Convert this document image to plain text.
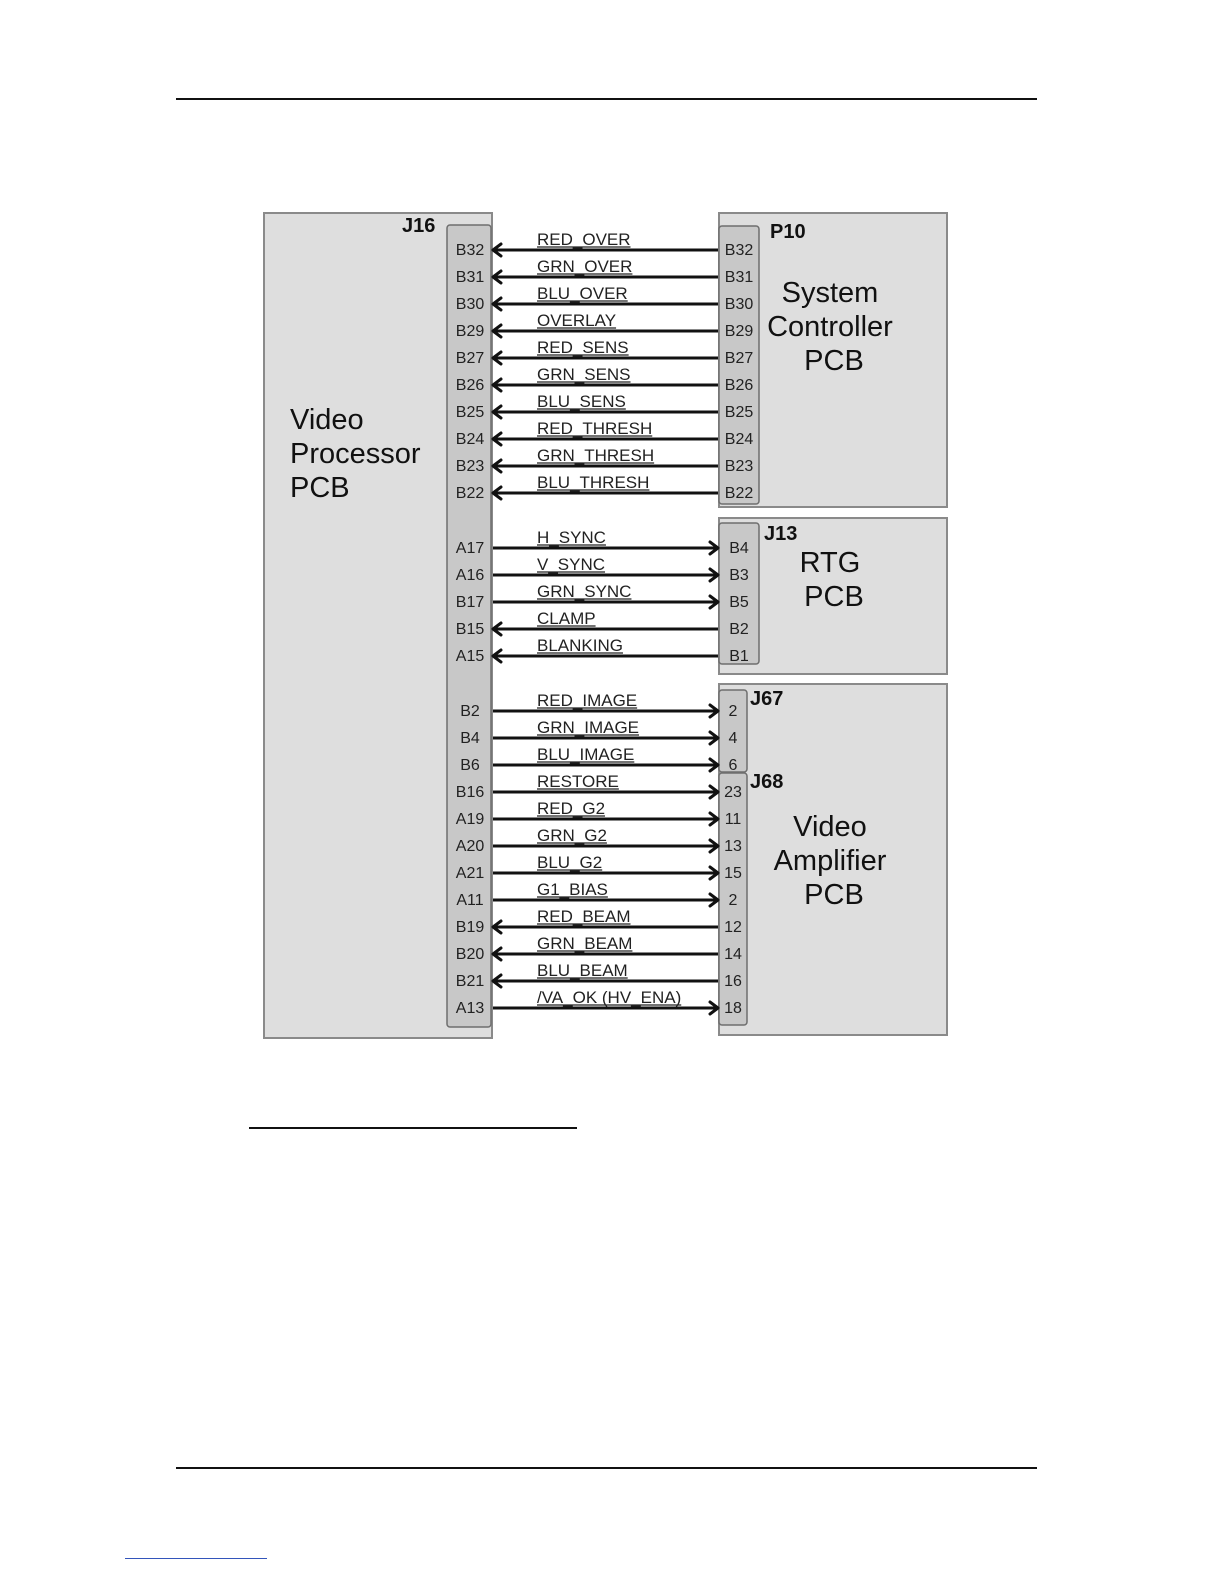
Video Processor PCB
System Controller PCB
RTG PCB
Video Amplifier PCB
J16	P10
J13
J67
J68
RED_OVER
B32	B32
GRN_OVER
B31	B31
BLU_OVER
B30	B30
OVERLAY
B29	B29
RED_SENS
B27	B27
GRN_SENS
B26	B26
BLU_SENS
B25	B25
RED_THRESH
B24	B24
GRN_THRESH
B23	B23
BLU_THRESH
B22	B22
H_SYNC
A17	B4
V_SYNC
A16	B3
GRN_SYNC
B17	B5
CLAMP
B15	B2
BLANKING
A15	B1
RED_IMAGE
B2	2
GRN_IMAGE
B4	4
BLU_IMAGE
B6	6
RESTORE
B16	23
RED_G2
A19	11
GRN_G2
A20	13
BLU_G2
A21	15
G1_BIAS
A11	2
RED_BEAM
B19	12
GRN_BEAM
B20	14
BLU_BEAM
B21	16
/VA_OK (HV_ENA)
A13	18
